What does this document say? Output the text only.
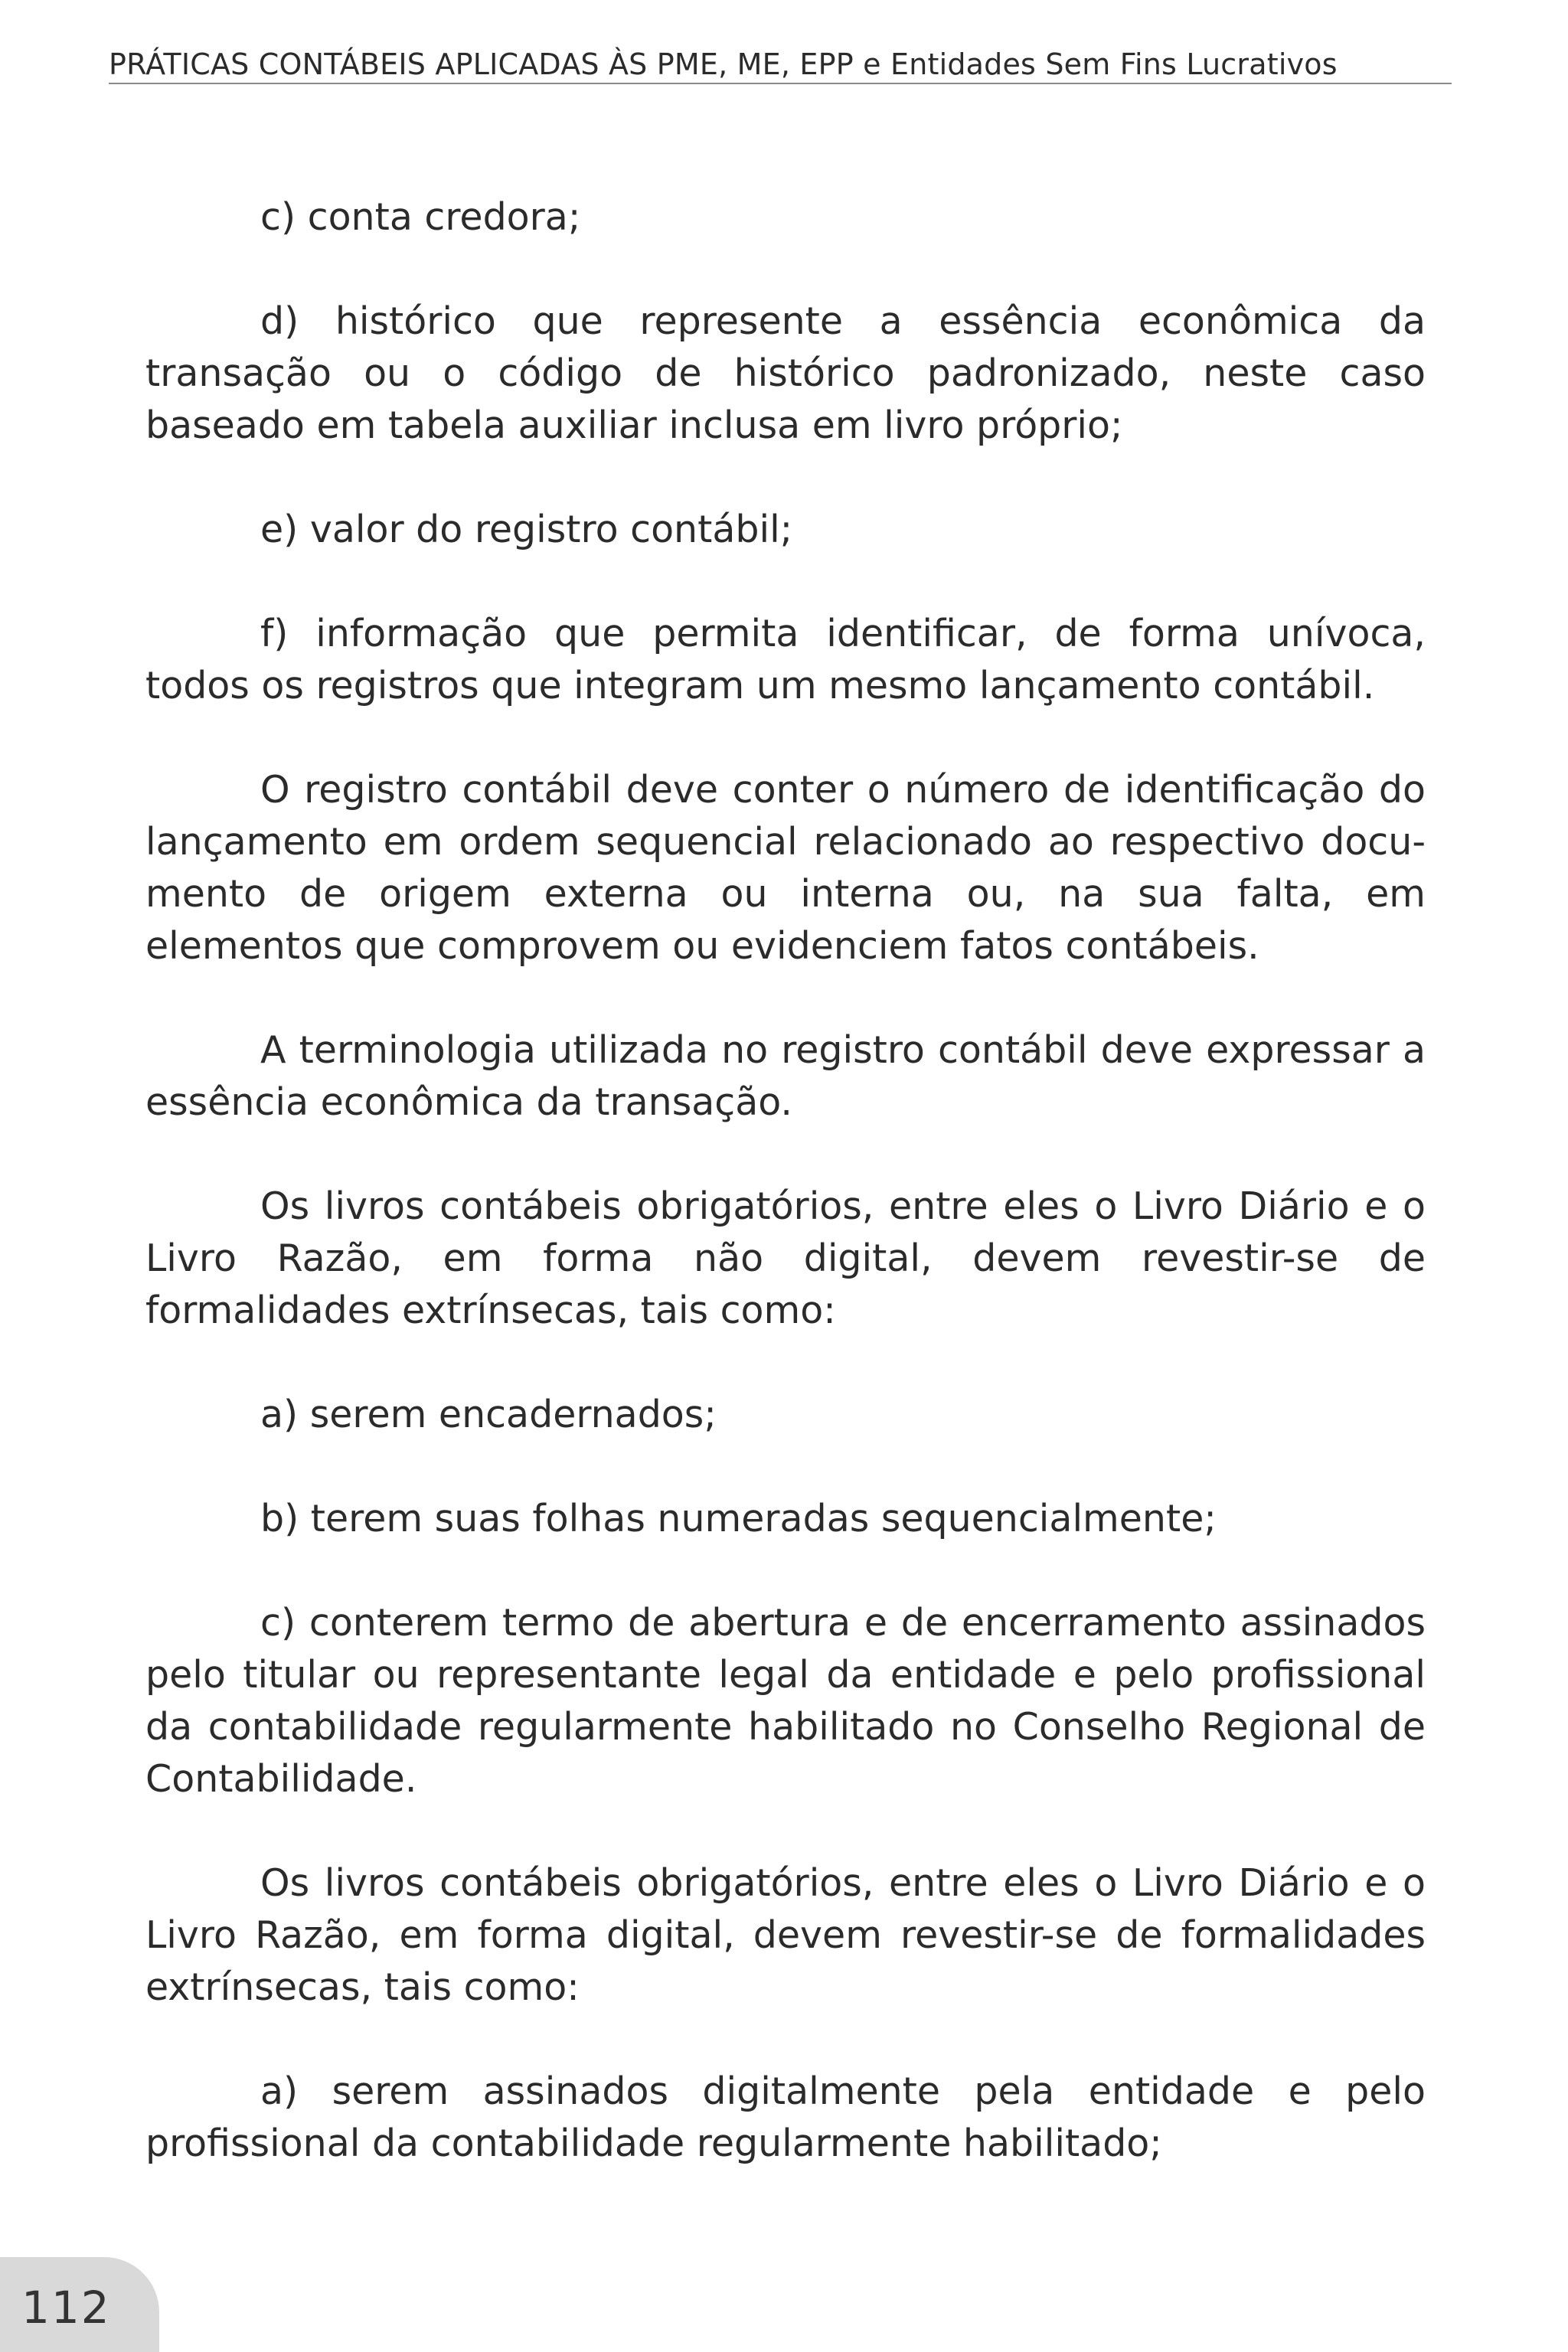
PRÁTICAS CONTÁBEIS APLICADAS ÀS PME, ME, EPP e Entidades Sem Fins Lucrativos

c) conta credora;

d) histórico que represente a essência econômica da transação ou o código de histórico padronizado, neste caso baseado em tabela auxiliar inclusa em livro próprio;

e) valor do registro contábil;

f) informação que permita identificar, de forma unívoca, todos os registros que integram um mesmo lançamento contábil.

O registro contábil deve conter o número de identificação do lançamento em ordem sequencial relacionado ao respectivo documento de origem externa ou interna ou, na sua falta, em elementos que comprovem ou evidenciem fatos contábeis.

A terminologia utilizada no registro contábil deve expressar a essência econômica da transação.

Os livros contábeis obrigatórios, entre eles o Livro Diário e o Livro Razão, em forma não digital, devem revestir-se de formalidades extrínsecas, tais como:

a) serem encadernados;

b) terem suas folhas numeradas sequencialmente;

c) conterem termo de abertura e de encerramento assinados pelo titular ou representante legal da entidade e pelo profissional da contabilidade regularmente habilitado no Conselho Regional de Contabilidade.

Os livros contábeis obrigatórios, entre eles o Livro Diário e o Livro Razão, em forma digital, devem revestir-se de formalidades extrínsecas, tais como:

a) serem assinados digitalmente pela entidade e pelo profissional da contabilidade regularmente habilitado;

112
